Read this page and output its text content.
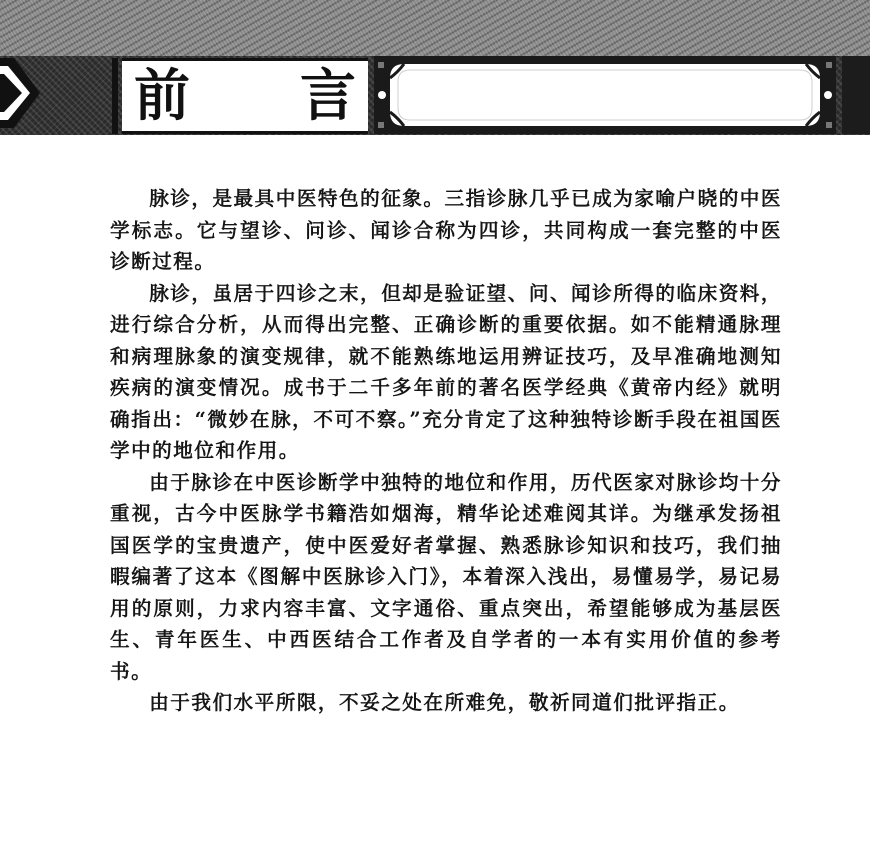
前 言

脉诊，是最具中医特色的征象。三指诊脉几乎已成为家喻户晓的中医学标志。它与望诊、问诊、闻诊合称为四诊，共同构成一套完整的中医诊断过程。

脉诊，虽居于四诊之末，但却是验证望、问、闻诊所得的临床资料，进行综合分析，从而得出完整、正确诊断的重要依据。如不能精通脉理和病理脉象的演变规律，就不能熟练地运用辨证技巧，及早准确地测知疾病的演变情况。成书于二千多年前的著名医学经典《黄帝内经》就明确指出：“微妙在脉，不可不察。”充分肯定了这种独特诊断手段在祖国医学中的地位和作用。

由于脉诊在中医诊断学中独特的地位和作用，历代医家对脉诊均十分重视，古今中医脉学书籍浩如烟海，精华论述难阅其详。为继承发扬祖国医学的宝贵遗产，使中医爱好者掌握、熟悉脉诊知识和技巧，我们抽暇编著了这本《图解中医脉诊入门》，本着深入浅出，易懂易学，易记易用的原则，力求内容丰富、文字通俗、重点突出，希望能够成为基层医生、青年医生、中西医结合工作者及自学者的一本有实用价值的参考书。

由于我们水平所限，不妥之处在所难免，敬祈同道们批评指正。
